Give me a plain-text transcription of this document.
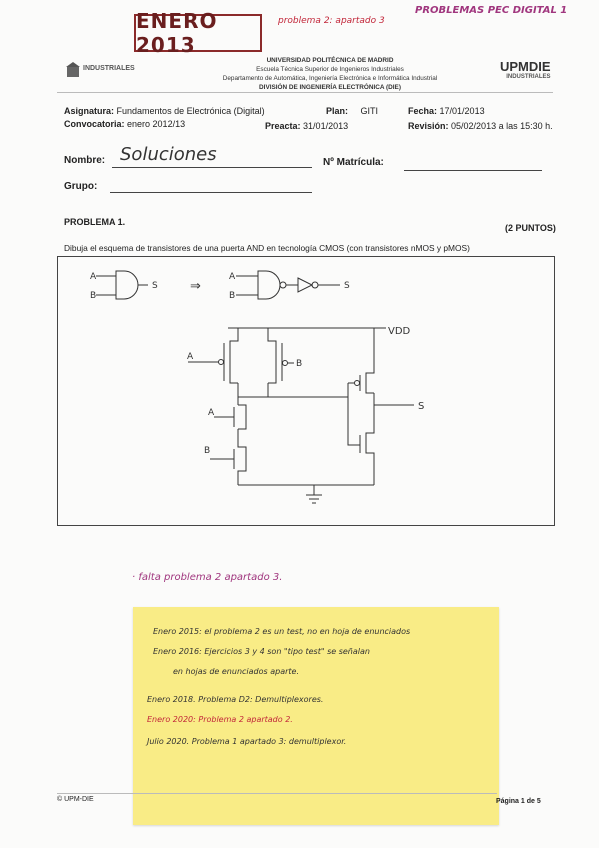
ENERO 2013
problema 2: apartado 3
PROBLEMAS PEC DIGITAL 1
INDUSTRIALES
UNIVERSIDAD POLITÉCNICA DE MADRID
Escuela Técnica Superior de Ingenieros Industriales
Departamento de Automática, Ingeniería Electrónica e Informática Industrial
DIVISIÓN DE INGENIERÍA ELECTRÓNICA (DIE)
UPMDIE
INDUSTRIALES
Asignatura: Fundamentos de Electrónica (Digital)	Plan: GITI	Fecha: 17/01/2013
Convocatoria: enero 2012/13	Preacta: 31/01/2013	Revisión: 05/02/2013 a las 15:30 h.
Nombre: Soluciones	Nº Matrícula:
Grupo:
PROBLEMA 1.
(2 PUNTOS)
Dibuja el esquema de transistores de una puerta AND en tecnología CMOS (con transistores nMOS y pMOS)
A
B
S ⇒
A
B
S
VDD
A
B
A
B
S
· falta problema 2 apartado 3.
Enero 2015: el problema 2 es un test, no en hoja de enunciados
Enero 2016: Ejercicios 3 y 4 son "tipo test" se señalan
en hojas de enunciados aparte.
Enero 2018. Problema D2: Demultiplexores.
Enero 2020: Problema 2 apartado 2.
Julio 2020. Problema 1 apartado 3: demultiplexor.
© UPM-DIE	Página 1 de 5
